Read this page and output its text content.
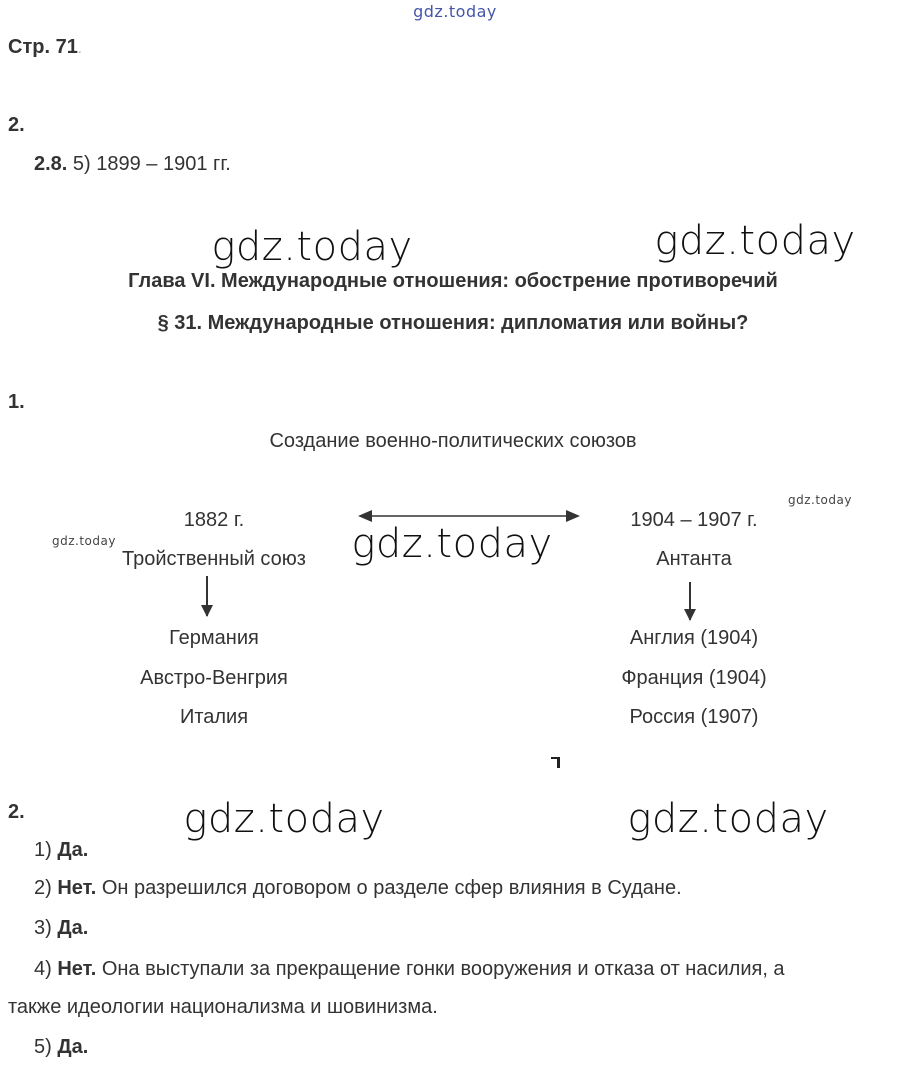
gdz.today
gdz.today	gdz.today
gdz.today
gdz.today	gdz.today
gdz.today
gdz.today
Стр. 71.
2.
2.8. 5) 1899 – 1901 гг.
Глава VI. Международные отношения: обострение противоречий
§ 31. Международные отношения: дипломатия или войны?
1.
Создание военно-политических союзов
1882 г.
Тройственный союз
Германия
Австро-Венгрия
Италия
1904 – 1907 г.
Антанта
Англия (1904)
Франция (1904)
Россия (1907)
2.
1) Да.
2) Нет. Он разрешился договором о разделе сфер влияния в Судане.
3) Да.
4) Нет. Она выступали за прекращение гонки вооружения и отказа от насилия, а
также идеологии национализма и шовинизма.
5) Да.
